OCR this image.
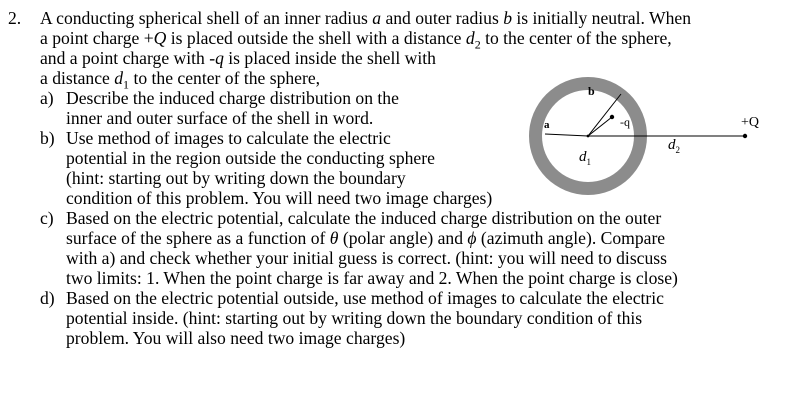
2. A conducting spherical shell of an inner radius a and outer radius b is initially neutral. When
a point charge +Q is placed outside the shell with a distance $d_2$ to the center of the sphere,
and a point charge with -q is placed inside the shell with
a distance $d_1$ to the center of the sphere,
a) Describe the induced charge distribution on the
inner and outer surface of the shell in word.
b) Use method of images to calculate the electric
potential in the region outside the conducting sphere
(hint: starting out by writing down the boundary
condition of this problem. You will need two image charges)
c) Based on the electric potential, calculate the induced charge distribution on the outer
surface of the sphere as a function of θ (polar angle) and ϕ (azimuth angle). Compare
with a) and check whether your initial guess is correct. (hint: you will need to discuss
two limits: 1. When the point charge is far away and 2. When the point charge is close)
d) Based on the electric potential outside, use method of images to calculate the electric
potential inside. (hint: starting out by writing down the boundary condition of this
problem. You will also need two image charges)
a
b
-q	+Q
$d_1$
$d_2$
